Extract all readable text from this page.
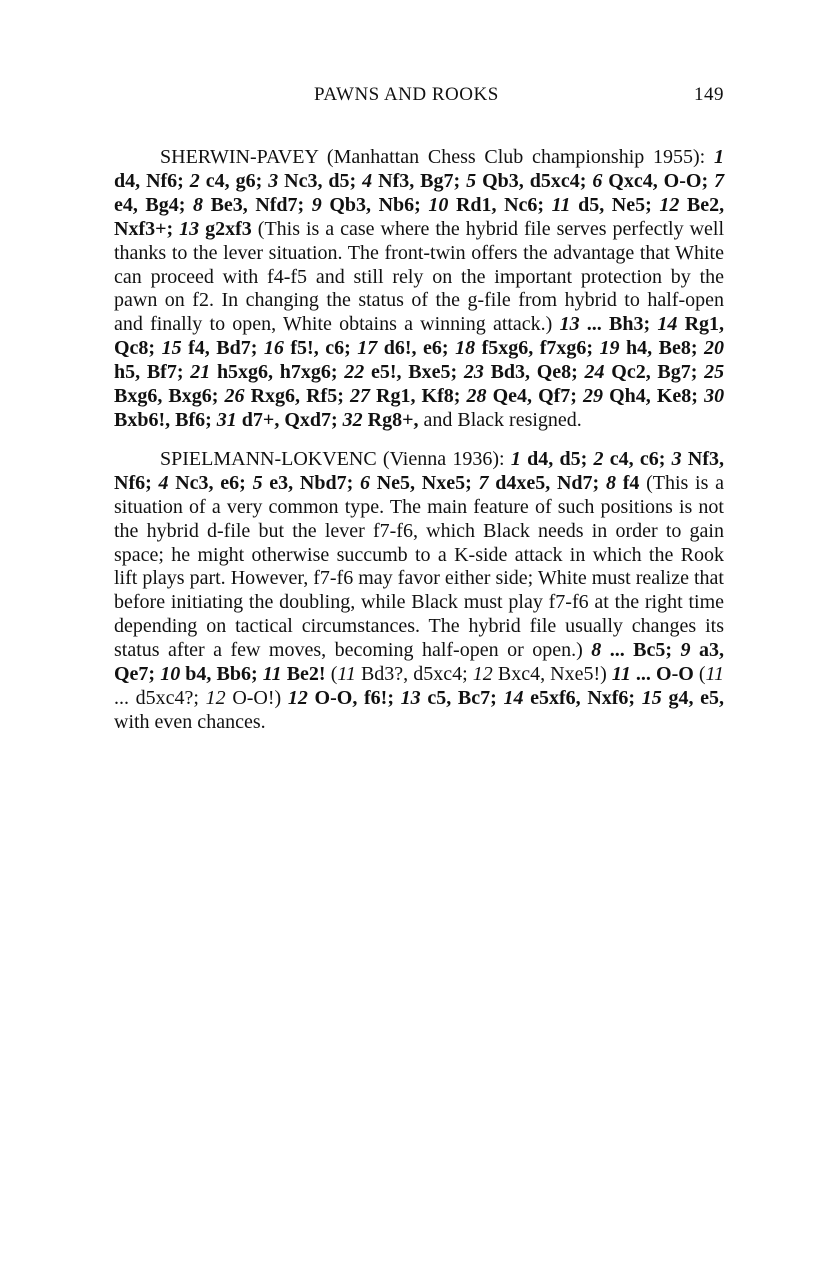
PAWNS AND ROOKS	149

SHERWIN-PAVEY (Manhattan Chess Club championship 1955): 1 d4, Nf6; 2 c4, g6; 3 Nc3, d5; 4 Nf3, Bg7; 5 Qb3, d5xc4; 6 Qxc4, O-O; 7 e4, Bg4; 8 Be3, Nfd7; 9 Qb3, Nb6; 10 Rd1, Nc6; 11 d5, Ne5; 12 Be2, Nxf3+; 13 g2xf3 (This is a case where the hybrid file serves perfectly well thanks to the lever situation. The front-twin offers the advantage that White can proceed with f4-f5 and still rely on the important protection by the pawn on f2. In changing the status of the g-file from hybrid to half-open and finally to open, White obtains a winning attack.) 13 ... Bh3; 14 Rg1, Qc8; 15 f4, Bd7; 16 f5!, c6; 17 d6!, e6; 18 f5xg6, f7xg6; 19 h4, Be8; 20 h5, Bf7; 21 h5xg6, h7xg6; 22 e5!, Bxe5; 23 Bd3, Qe8; 24 Qc2, Bg7; 25 Bxg6, Bxg6; 26 Rxg6, Rf5; 27 Rg1, Kf8; 28 Qe4, Qf7; 29 Qh4, Ke8; 30 Bxb6!, Bf6; 31 d7+, Qxd7; 32 Rg8+, and Black resigned.

SPIELMANN-LOKVENC (Vienna 1936): 1 d4, d5; 2 c4, c6; 3 Nf3, Nf6; 4 Nc3, e6; 5 e3, Nbd7; 6 Ne5, Nxe5; 7 d4xe5, Nd7; 8 f4 (This is a situation of a very common type. The main feature of such positions is not the hybrid d-file but the lever f7-f6, which Black needs in order to gain space; he might otherwise succumb to a K-side attack in which the Rook lift plays part. However, f7-f6 may favor either side; White must realize that before initiating the doubling, while Black must play f7-f6 at the right time depending on tactical circumstances. The hybrid file usually changes its status after a few moves, becoming half-open or open.) 8 ... Bc5; 9 a3, Qe7; 10 b4, Bb6; 11 Be2! (11 Bd3?, d5xc4; 12 Bxc4, Nxe5!) 11 ... O-O (11 ... d5xc4?; 12 O-O!) 12 O-O, f6!; 13 c5, Bc7; 14 e5xf6, Nxf6; 15 g4, e5, with even chances.
